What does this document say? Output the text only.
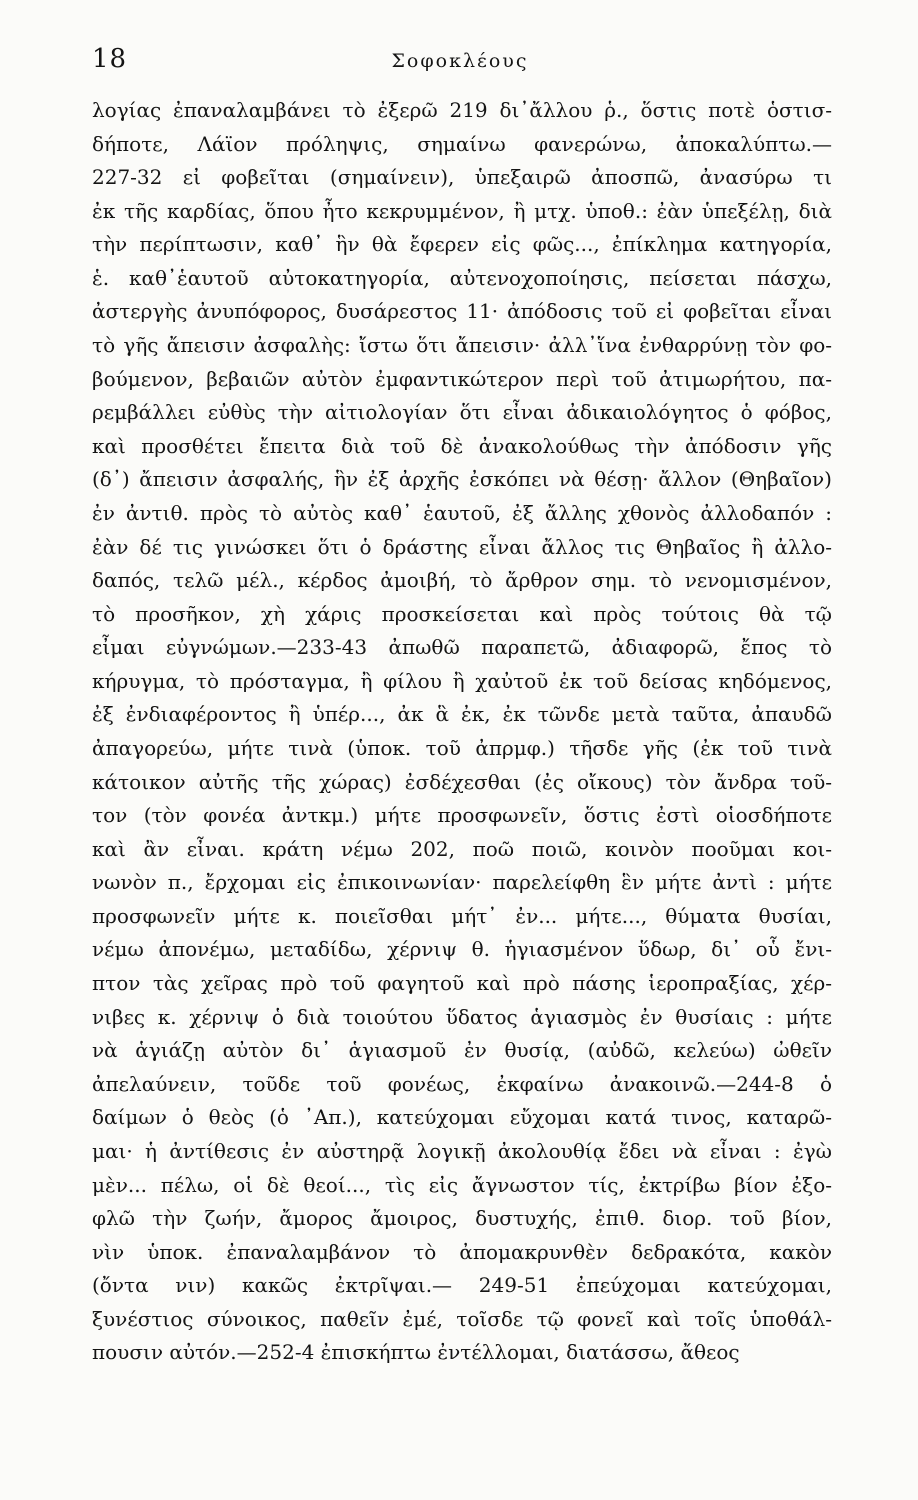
18	Σοφοκλέους
λογίας ἐπαναλαμβάνει τὸ ἐξερῶ 219 δι᾽ἄλλου ῥ., ὅστις ποτὲ ὁστισ-
δήποτε, Λάϊον πρόληψις, σημαίνω φανερώνω, ἀποκαλύπτω.—
227-32 εἰ φοβεῖται (σημαίνειν), ὑπεξαιρῶ ἀποσπῶ, ἀνασύρω τι
ἐκ τῆς καρδίας, ὅπου ἦτο κεκρυμμένον, ἢ μτχ. ὑποθ.: ἐὰν ὑπεξέλῃ, διὰ
τὴν περίπτωσιν, καθ᾽ ἣν θὰ ἔφερεν εἰς φῶς..., ἐπίκλημα κατηγορία,
ἑ. καθ᾽ἑαυτοῦ αὐτοκατηγορία, αὐτενοχοποίησις, πείσεται πάσχω,
ἀστεργὴς ἀνυπόφορος, δυσάρεστος 11· ἀπόδοσις τοῦ εἰ φοβεῖται εἶναι
τὸ γῆς ἄπεισιν ἀσφαλὴς: ἴστω ὅτι ἄπεισιν· ἀλλ᾽ἵνα ἐνθαρρύνῃ τὸν φο-
βούμενον, βεβαιῶν αὐτὸν ἐμφαντικώτερον περὶ τοῦ ἀτιμωρήτου, πα-
ρεμβάλλει εὐθὺς τὴν αἰτιολογίαν ὅτι εἶναι ἀδικαιολόγητος ὁ φόβος,
καὶ προσθέτει ἔπειτα διὰ τοῦ δὲ ἀνακολούθως τὴν ἀπόδοσιν γῆς
(δ᾽) ἄπεισιν ἀσφαλής, ἣν ἐξ ἀρχῆς ἐσκόπει νὰ θέσῃ· ἄλλον (Θηβαῖον)
ἐν ἀντιθ. πρὸς τὸ αὐτὸς καθ᾽ ἑαυτοῦ, ἐξ ἄλλης χθονὸς ἀλλοδαπόν :
ἐὰν δέ τις γινώσκει ὅτι ὁ δράστης εἶναι ἄλλος τις Θηβαῖος ἢ ἀλλο-
δαπός, τελῶ μέλ., κέρδος ἀμοιβή, τὸ ἄρθρον σημ. τὸ νενομισμένον,
τὸ προσῆκον, χὴ χάρις προσκείσεται καὶ πρὸς τούτοις θὰ τῷ
εἶμαι εὐγνώμων.—233-43 ἀπωθῶ παραπετῶ, ἀδιαφορῶ, ἔπος τὸ
κήρυγμα, τὸ πρόσταγμα, ἢ φίλου ἢ χαὐτοῦ ἐκ τοῦ δείσας κηδόμενος,
ἐξ ἐνδιαφέροντος ἢ ὑπέρ..., ἀκ ἃ ἐκ, ἐκ τῶνδε μετὰ ταῦτα, ἀπαυδῶ
ἀπαγορεύω, μήτε τινὰ (ὑποκ. τοῦ ἀπρμφ.) τῆσδε γῆς (ἐκ τοῦ τινὰ
κάτοικον αὐτῆς τῆς χώρας) ἐσδέχεσθαι (ἐς οἴκους) τὸν ἄνδρα τοῦ-
τον (τὸν φονέα ἀντκμ.) μήτε προσφωνεῖν, ὅστις ἐστὶ οἱοσδήποτε
καὶ ἂν εἶναι. κράτη νέμω 202, ποῶ ποιῶ, κοινὸν ποοῦμαι κοι-
νωνὸν π., ἔρχομαι εἰς ἐπικοινωνίαν· παρελείφθη ἓν μήτε ἀντὶ : μήτε
προσφωνεῖν μήτε κ. ποιεῖσθαι μήτ᾽ ἐν... μήτε..., θύματα θυσίαι,
νέμω ἀπονέμω, μεταδίδω, χέρνιψ θ. ἡγιασμένον ὕδωρ, δι᾽ οὗ ἔνι-
πτον τὰς χεῖρας πρὸ τοῦ φαγητοῦ καὶ πρὸ πάσης ἱεροπραξίας, χέρ-
νιβες κ. χέρνιψ ὁ διὰ τοιούτου ὕδατος ἁγιασμὸς ἐν θυσίαις : μήτε
νὰ ἁγιάζῃ αὐτὸν δι᾽ ἁγιασμοῦ ἐν θυσίᾳ, (αὐδῶ, κελεύω) ὠθεῖν
ἀπελαύνειν, τοῦδε τοῦ φονέως, ἐκφαίνω ἀνακοινῶ.—244-8 ὁ
δαίμων ὁ θεὸς (ὁ ᾽Απ.), κατεύχομαι εὔχομαι κατά τινος, καταρῶ-
μαι· ἡ ἀντίθεσις ἐν αὐστηρᾷ λογικῇ ἀκολουθίᾳ ἔδει νὰ εἶναι : ἐγὼ
μὲν... πέλω, οἱ δὲ θεοί..., τὶς εἰς ἄγνωστον τίς, ἐκτρίβω βίον ἐξο-
φλῶ τὴν ζωήν, ἄμορος ἄμοιρος, δυστυχής, ἐπιθ. διορ. τοῦ βίον,
νὶν ὑποκ. ἐπαναλαμβάνον τὸ ἀπομακρυνθὲν δεδρακότα, κακὸν
(ὄντα νιν) κακῶς ἐκτρῖψαι.— 249-51 ἐπεύχομαι κατεύχομαι,
ξυνέστιος σύνοικος, παθεῖν ἐμέ, τοῖσδε τῷ φονεῖ καὶ τοῖς ὑποθάλ-
πουσιν αὐτόν.—252-4 ἐπισκήπτω ἐντέλλομαι, διατάσσω, ἄθεος
